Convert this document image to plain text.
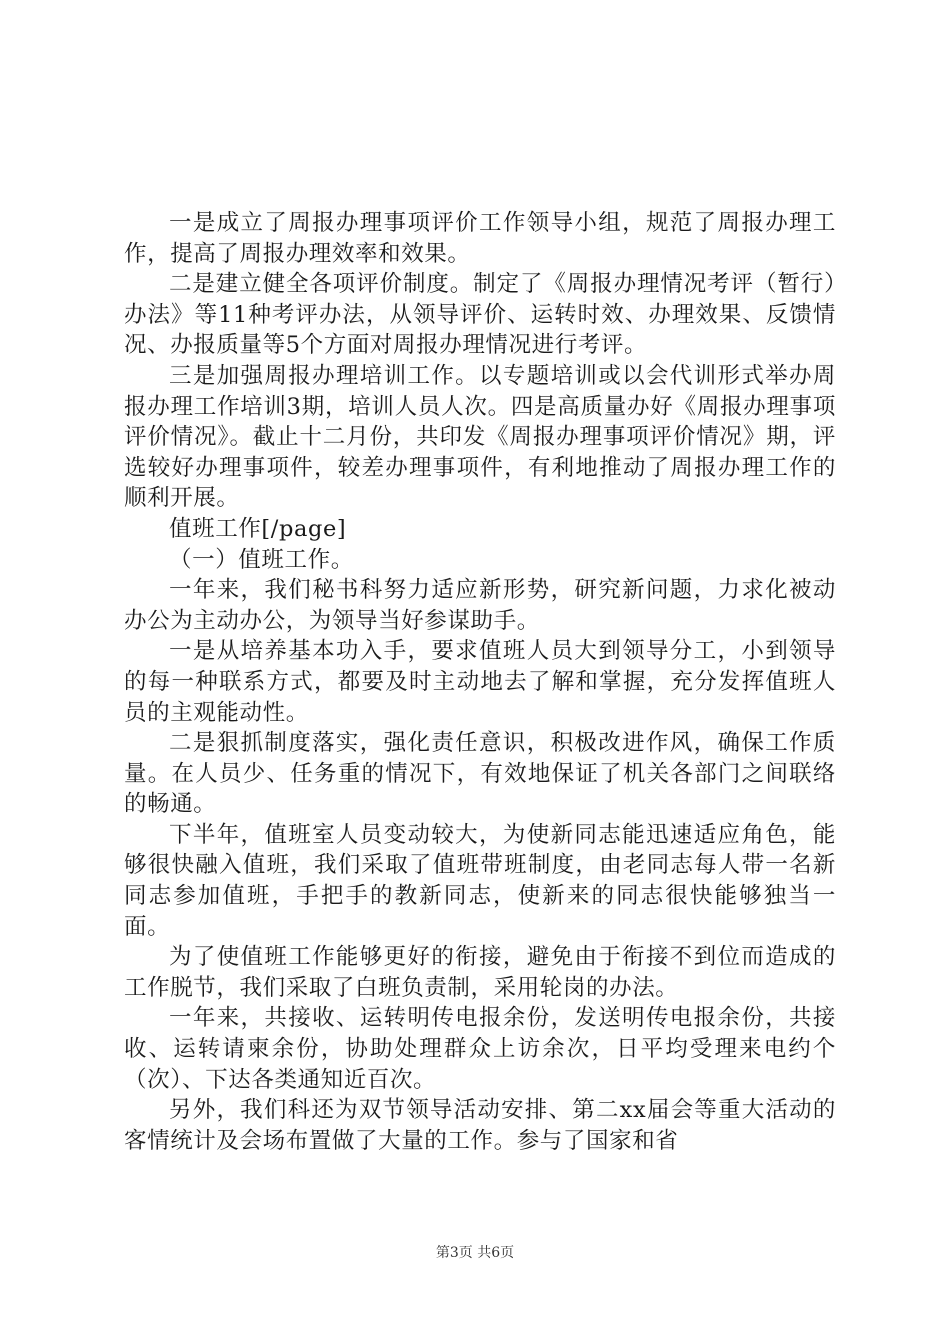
一是成立了周报办理事项评价工作领导小组，规范了周报办理工作，提高了周报办理效率和效果。

二是建立健全各项评价制度。制定了《周报办理情况考评（暂行）办法》等11种考评办法，从领导评价、运转时效、办理效果、反馈情况、办报质量等5个方面对周报办理情况进行考评。

三是加强周报办理培训工作。以专题培训或以会代训形式举办周报办理工作培训3期，培训人员人次。四是高质量办好《周报办理事项评价情况》。截止十二月份，共印发《周报办理事项评价情况》期，评选较好办理事项件，较差办理事项件，有利地推动了周报办理工作的顺利开展。

值班工作[/page]

（一）值班工作。

一年来，我们秘书科努力适应新形势，研究新问题，力求化被动办公为主动办公，为领导当好参谋助手。

一是从培养基本功入手，要求值班人员大到领导分工，小到领导的每一种联系方式，都要及时主动地去了解和掌握，充分发挥值班人员的主观能动性。

二是狠抓制度落实，强化责任意识，积极改进作风，确保工作质量。在人员少、任务重的情况下，有效地保证了机关各部门之间联络的畅通。

下半年，值班室人员变动较大，为使新同志能迅速适应角色，能够很快融入值班，我们采取了值班带班制度，由老同志每人带一名新同志参加值班，手把手的教新同志，使新来的同志很快能够独当一面。

为了使值班工作能够更好的衔接，避免由于衔接不到位而造成的工作脱节，我们采取了白班负责制，采用轮岗的办法。

一年来，共接收、运转明传电报余份，发送明传电报余份，共接收、运转请柬余份，协助处理群众上访余次，日平均受理来电约个（次）、下达各类通知近百次。

另外，我们科还为双节领导活动安排、第二xx届会等重大活动的客情统计及会场布置做了大量的工作。参与了国家和省

第3页 共6页
